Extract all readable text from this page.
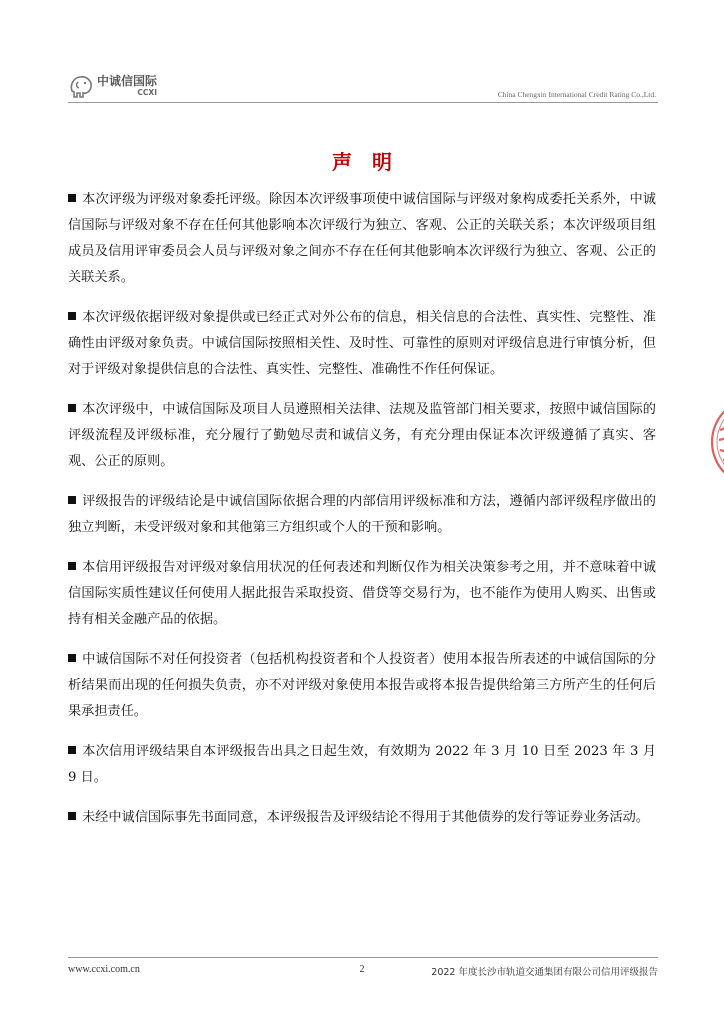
中诚信国际
CCXI	China Chengxin International Credit Rating Co.,Ltd.
声明

本次评级为评级对象委托评级。除因本次评级事项使中诚信国际与评级对象构成委托关系外，中诚信国际与评级对象不存在任何其他影响本次评级行为独立、客观、公正的关联关系；本次评级项目组成员及信用评审委员会人员与评级对象之间亦不存在任何其他影响本次评级行为独立、客观、公正的关联关系。

本次评级依据评级对象提供或已经正式对外公布的信息，相关信息的合法性、真实性、完整性、准确性由评级对象负责。中诚信国际按照相关性、及时性、可靠性的原则对评级信息进行审慎分析，但对于评级对象提供信息的合法性、真实性、完整性、准确性不作任何保证。

本次评级中，中诚信国际及项目人员遵照相关法律、法规及监管部门相关要求，按照中诚信国际的评级流程及评级标准，充分履行了勤勉尽责和诚信义务，有充分理由保证本次评级遵循了真实、客观、公正的原则。

评级报告的评级结论是中诚信国际依据合理的内部信用评级标准和方法，遵循内部评级程序做出的独立判断，未受评级对象和其他第三方组织或个人的干预和影响。

本信用评级报告对评级对象信用状况的任何表述和判断仅作为相关决策参考之用，并不意味着中诚信国际实质性建议任何使用人据此报告采取投资、借贷等交易行为，也不能作为使用人购买、出售或持有相关金融产品的依据。

中诚信国际不对任何投资者（包括机构投资者和个人投资者）使用本报告所表述的中诚信国际的分析结果而出现的任何损失负责，亦不对评级对象使用本报告或将本报告提供给第三方所产生的任何后果承担责任。

本次信用评级结果自本评级报告出具之日起生效，有效期为 2022 年 3 月 10 日至 2023 年 3 月 9 日。

未经中诚信国际事先书面同意，本评级报告及评级结论不得用于其他债券的发行等证券业务活动。

www.ccxi.com.cn	2	2022 年度长沙市轨道交通集团有限公司信用评级报告
